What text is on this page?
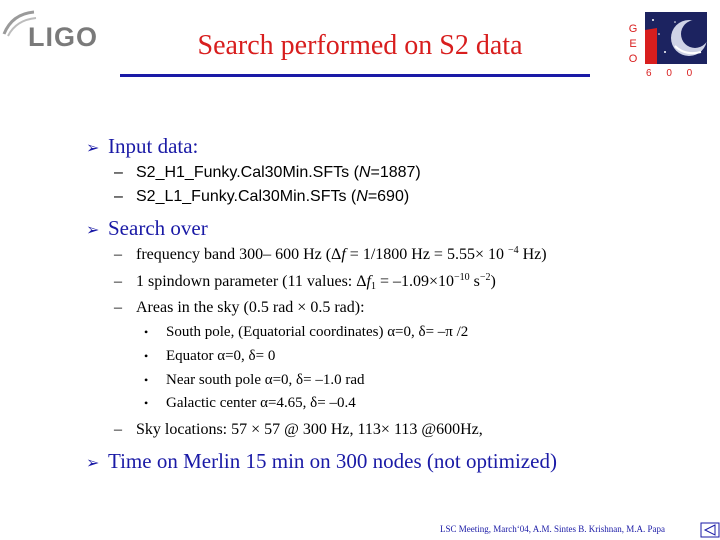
LIGO	Search performed on S2 data
G
E
O
6 0 0
➢ Input data:
– S2_H1_Funky.Cal30Min.SFTs (N=1887)
– S2_L1_Funky.Cal30Min.SFTs (N=690)
➢ Search over
– frequency band 300– 600 Hz (Δf = 1/1800 Hz = 5.55× 10 $^{-4}$ Hz)
– 1 spindown parameter (11 values: $\Delta f_1 = -1.09\times 10^{-10}$ $s^{-2}$)
– Areas in the sky (0.5 rad × 0.5 rad):
• South pole, (Equatorial coordinates) α=0, δ= –π /2
• Equator α=0, δ= 0
• Near south pole α=0, δ= –1.0 rad
• Galactic center α=4.65, δ= –0.4
– Sky locations: 57 × 57 @ 300 Hz, 113× 113 @600Hz,
➢ Time on Merlin 15 min on 300 nodes (not optimized)
LSC Meeting, March‘04, A.M. Sintes B. Krishnan, M.A. Papa
